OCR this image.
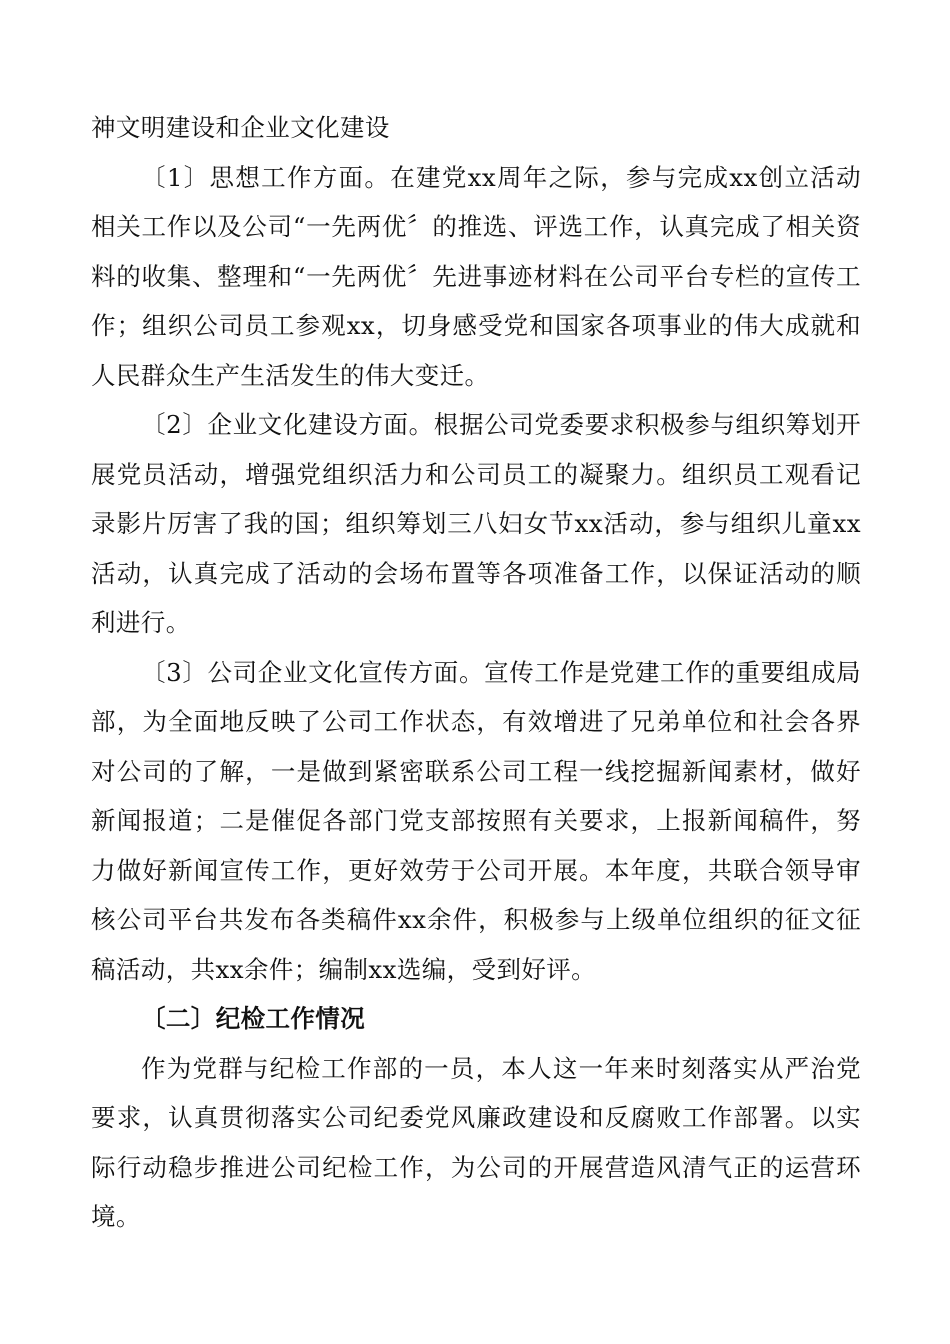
神文明建设和企业文化建设

〔1〕思想工作方面。在建党xx周年之际，参与完成xx创立活动相关工作以及公司“一先两优〞的推选、评选工作，认真完成了相关资料的收集、整理和“一先两优〞先进事迹材料在公司平台专栏的宣传工作；组织公司员工参观xx，切身感受党和国家各项事业的伟大成就和人民群众生产生活发生的伟大变迁。

〔2〕企业文化建设方面。根据公司党委要求积极参与组织筹划开展党员活动，增强党组织活力和公司员工的凝聚力。组织员工观看记录影片厉害了我的国；组织筹划三八妇女节xx活动，参与组织儿童xx活动，认真完成了活动的会场布置等各项准备工作，以保证活动的顺利进行。

〔3〕公司企业文化宣传方面。宣传工作是党建工作的重要组成局部，为全面地反映了公司工作状态，有效增进了兄弟单位和社会各界对公司的了解，一是做到紧密联系公司工程一线挖掘新闻素材，做好新闻报道；二是催促各部门党支部按照有关要求，上报新闻稿件，努力做好新闻宣传工作，更好效劳于公司开展。本年度，共联合领导审核公司平台共发布各类稿件xx余件，积极参与上级单位组织的征文征稿活动，共xx余件；编制xx选编，受到好评。

〔二〕纪检工作情况

作为党群与纪检工作部的一员，本人这一年来时刻落实从严治党要求，认真贯彻落实公司纪委党风廉政建设和反腐败工作部署。以实际行动稳步推进公司纪检工作，为公司的开展营造风清气正的运营环境。
